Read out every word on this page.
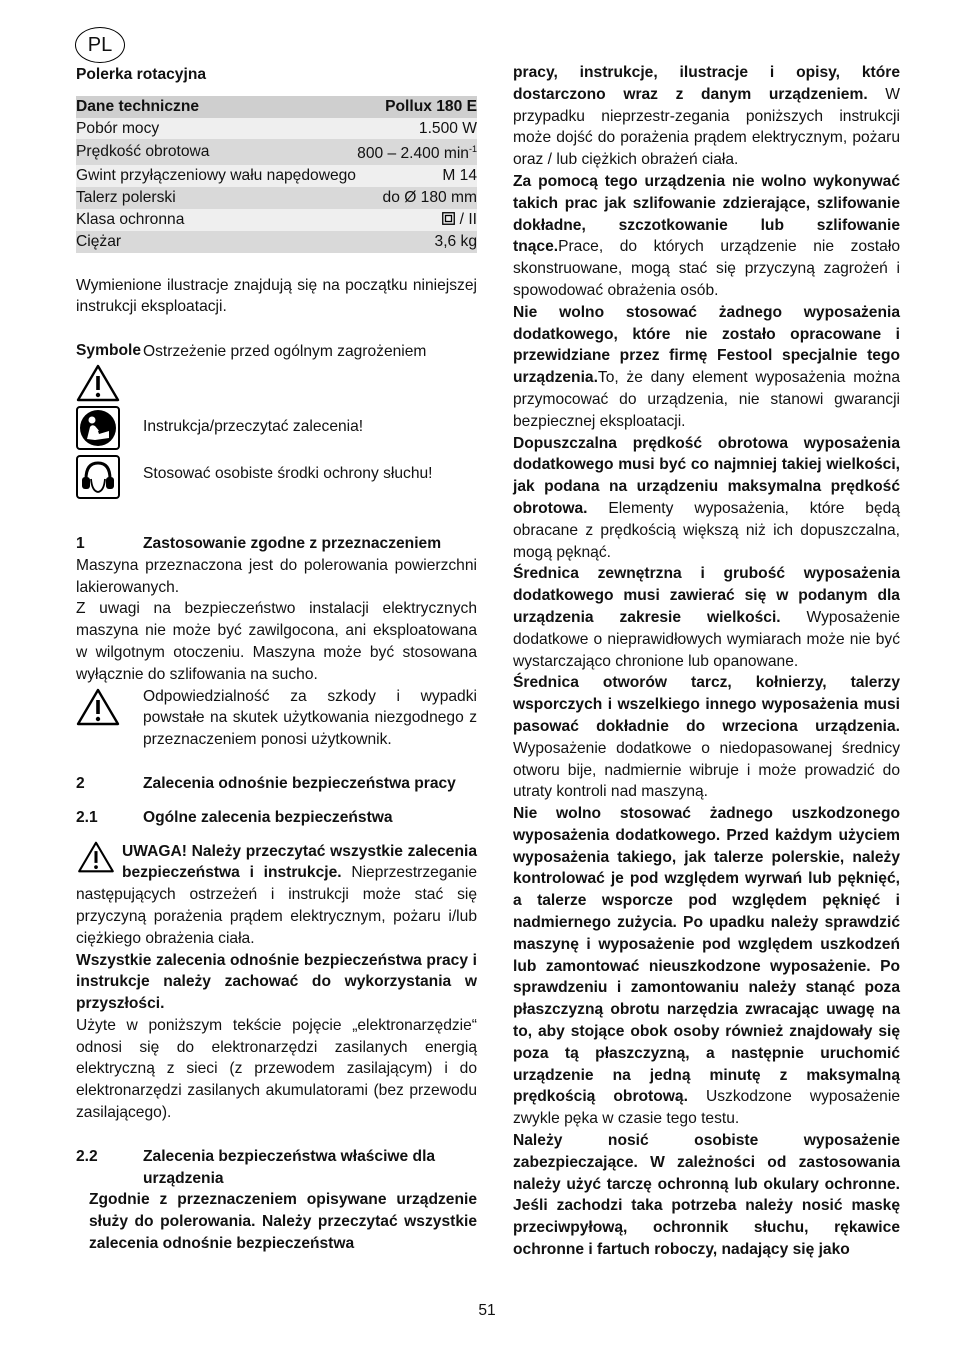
PL

Polerka rotacyjna

Dane techniczne	Pollux 180 E
Pobór mocy	1.500 W
Prędkość obrotowa	800 – 2.400 $\min^{-1}$
Gwint przyłączeniowy wału napędowego	M 14
Talerz polerski	do Ø 180 mm
Klasa ochronna	/ II
Ciężar	3,6 kg

Wymienione ilustracje znajdują się na początku niniejszej instrukcji eksploatacji.

Symbole Ostrzeżenie przed ogólnym zagrożeniem
Instrukcja/przeczytać zalecenia!
Stosować osobiste środki ochrony słuchu!
1	Zastosowanie zgodne z przeznaczeniem

Maszyna przeznaczona jest do polerowania powierzchni lakierowanych.

Z uwagi na bezpieczeństwo instalacji elektrycznych maszyna nie może być zawilgocona, ani eksploatowana w wilgotnym otoczeniu. Maszyna może być stosowana wyłącznie do szlifowania na sucho.

Odpowiedzialność za szkody i wypadki powstałe na skutek użytkowania niezgodnego z przeznaczeniem ponosi użytkownik.
2	Zalecenia odnośnie bezpieczeństwa pracy
2.1	Ogólne zalecenia bezpieczeństwa

UWAGA! Należy przeczytać wszystkie zalecenia bezpieczeństwa i instrukcje. Nieprzestrzeganie następujących ostrzeżeń i instrukcji może stać się przyczyną porażenia prądem elektrycznym, pożaru i/lub ciężkiego obrażenia ciała.

Wszystkie zalecenia odnośnie bezpieczeństwa pracy i instrukcje należy zachować do wykorzystania w przyszłości.

Użyte w poniższym tekście pojęcie „elektronarzędzie“ odnosi się do elektronarzędzi zasilanych energią elektryczną z sieci (z przewodem zasilającym) i do elektronarzędzi zasilanych akumulatorami (bez przewodu zasilającego).

2.2	Zalecenia bezpieczeństwa właściwe dla urządzenia

Zgodnie z przeznaczeniem opisywane urządzenie służy do polerowania. Należy przeczytać wszystkie zalecenia odnośnie bezpieczeństwa

pracy, instrukcje, ilustracje i opisy, które dostarczono wraz z danym urządzeniem. W przypadku nieprzestr-zegania poniższych instrukcji może dojść do porażenia prądem elektrycznym, pożaru oraz / lub ciężkich obrażeń ciała.

Za pomocą tego urządzenia nie wolno wykonywać takich prac jak szlifowanie zdzierające, szlifowanie dokładne, szczotkowanie lub szlifowanie tnące.Prace, do których urządzenie nie zostało skonstruowane, mogą stać się przyczyną zagrożeń i spowodować obrażenia osób.

Nie wolno stosować żadnego wyposażenia dodatkowego, które nie zostało opracowane i przewidziane przez firmę Festool specjalnie tego urządzenia.To, że dany element wyposażenia można przymocować do urządzenia, nie stanowi gwarancji bezpiecznej eksploatacji.

Dopuszczalna prędkość obrotowa wyposażenia dodatkowego musi być co najmniej takiej wielkości, jak podana na urządzeniu maksymalna prędkość obrotowa. Elementy wyposażenia, które będą obracane z prędkością większą niż ich dopuszczalna, mogą pęknąć.

Średnica zewnętrzna i grubość wyposażenia dodatkowego musi zawierać się w podanym dla urządzenia zakresie wielkości. Wyposażenie dodatkowe o nieprawidłowych wymiarach może nie być wystarczająco chronione lub opanowane.

Średnica otworów tarcz, kołnierzy, talerzy wsporczych i wszelkiego innego wyposażenia musi pasować dokładnie do wrzeciona urządzenia. Wyposażenie dodatkowe o niedopasowanej średnicy otworu bije, nadmiernie wibruje i może prowadzić do utraty kontroli nad maszyną.

Nie wolno stosować żadnego uszkodzonego wyposażenia dodatkowego. Przed każdym użyciem wyposażenia takiego, jak talerze polerskie, należy kontrolować je pod względem wyrwań lub pęknięć, a talerze wsporcze pod względem pęknięć i nadmiernego zużycia. Po upadku należy sprawdzić maszynę i wyposażenie pod względem uszkodzeń lub zamontować nieuszkodzone wyposażenie. Po sprawdzeniu i zamontowaniu należy stanąć poza płaszczyzną obrotu narzędzia zwracając uwagę na to, aby stojące obok osoby również znajdowały się poza tą płaszczyzną, a następnie uruchomić urządzenie na jedną minutę z maksymalną prędkością obrotową. Uszkodzone wyposażenie zwykle pęka w czasie tego testu.

Należy nosić osobiste wyposażenie zabezpieczające. W zależności od zastosowania należy użyć tarczę ochronną lub okulary ochronne. Jeśli zachodzi taka potrzeba należy nosić maskę przeciwpyłową, ochronnik słuchu, rękawice ochronne i fartuch roboczy, nadający się jako

51
